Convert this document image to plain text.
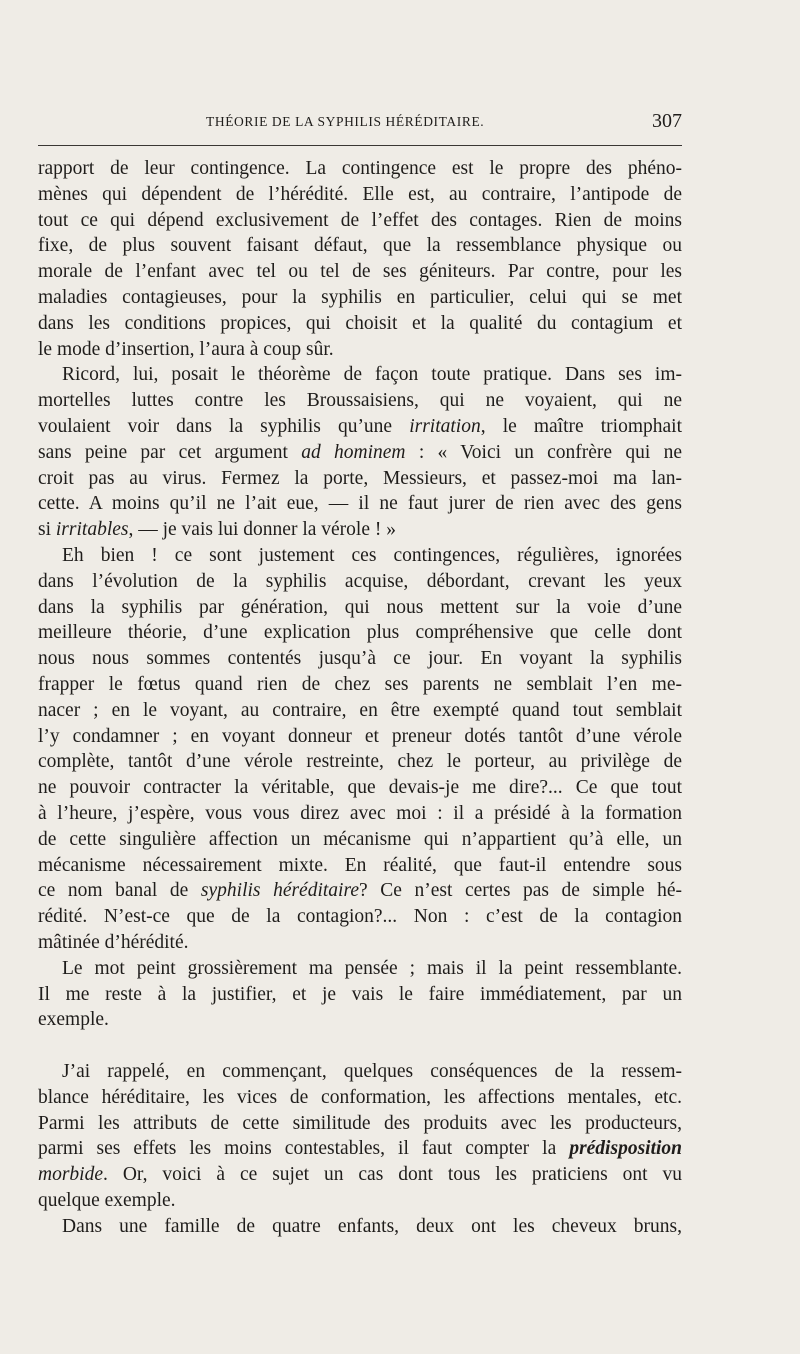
THÉORIE DE LA SYPHILIS HÉRÉDITAIRE.	307
rapport de leur contingence. La contingence est le propre des phéno-
mènes qui dépendent de l’hérédité. Elle est, au contraire, l’antipode de
tout ce qui dépend exclusivement de l’effet des contages. Rien de moins
fixe, de plus souvent faisant défaut, que la ressemblance physique ou
morale de l’enfant avec tel ou tel de ses géniteurs. Par contre, pour les
maladies contagieuses, pour la syphilis en particulier, celui qui se met
dans les conditions propices, qui choisit et la qualité du contagium et
le mode d’insertion, l’aura à coup sûr.
Ricord, lui, posait le théorème de façon toute pratique. Dans ses im-
mortelles luttes contre les Broussaisiens, qui ne voyaient, qui ne
voulaient voir dans la syphilis qu’une irritation, le maître triomphait
sans peine par cet argument ad hominem : « Voici un confrère qui ne
croit pas au virus. Fermez la porte, Messieurs, et passez-moi ma lan-
cette. A moins qu’il ne l’ait eue, — il ne faut jurer de rien avec des gens
si irritables, — je vais lui donner la vérole ! »
Eh bien ! ce sont justement ces contingences, régulières, ignorées
dans l’évolution de la syphilis acquise, débordant, crevant les yeux
dans la syphilis par génération, qui nous mettent sur la voie d’une
meilleure théorie, d’une explication plus compréhensive que celle dont
nous nous sommes contentés jusqu’à ce jour. En voyant la syphilis
frapper le fœtus quand rien de chez ses parents ne semblait l’en me-
nacer ; en le voyant, au contraire, en être exempté quand tout semblait
l’y condamner ; en voyant donneur et preneur dotés tantôt d’une vérole
complète, tantôt d’une vérole restreinte, chez le porteur, au privilège de
ne pouvoir contracter la véritable, que devais-je me dire?... Ce que tout
à l’heure, j’espère, vous vous direz avec moi : il a présidé à la formation
de cette singulière affection un mécanisme qui n’appartient qu’à elle, un
mécanisme nécessairement mixte. En réalité, que faut-il entendre sous
ce nom banal de syphilis héréditaire? Ce n’est certes pas de simple hé-
rédité. N’est-ce que de la contagion?... Non : c’est de la contagion
mâtinée d’hérédité.
Le mot peint grossièrement ma pensée ; mais il la peint ressemblante.
Il me reste à la justifier, et je vais le faire immédiatement, par un
exemple.
J’ai rappelé, en commençant, quelques conséquences de la ressem-
blance héréditaire, les vices de conformation, les affections mentales, etc.
Parmi les attributs de cette similitude des produits avec les producteurs,
parmi ses effets les moins contestables, il faut compter la prédisposition
morbide. Or, voici à ce sujet un cas dont tous les praticiens ont vu
quelque exemple.
Dans une famille de quatre enfants, deux ont les cheveux bruns,
